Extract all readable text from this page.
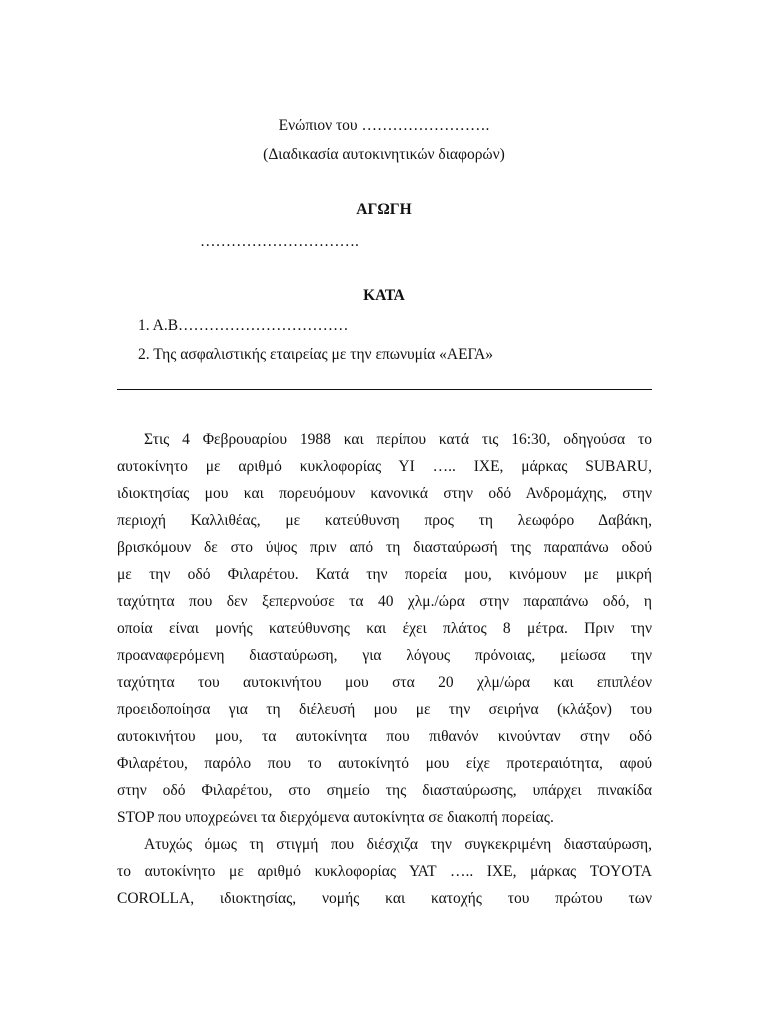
Ενώπιον του …………………….
(Διαδικασία αυτοκινητικών διαφορών)
ΑΓΩΓΗ
………………………….
ΚΑΤΑ
1. Α.Β……………………………
2. Της ασφαλιστικής εταιρείας με την επωνυμία «ΑΕΓΑ»
Στις 4 Φεβρουαρίου 1988 και περίπου κατά τις 16:30, οδηγούσα το
αυτοκίνητο με αριθμό κυκλοφορίας ΥΙ ….. ΙΧΕ, μάρκας SUBARU,
ιδιοκτησίας μου και πορευόμουν κανονικά στην οδό Ανδρομάχης, στην
περιοχή Καλλιθέας, με κατεύθυνση προς τη λεωφόρο Δαβάκη,
βρισκόμουν δε στο ύψος πριν από τη διασταύρωσή της παραπάνω οδού
με την οδό Φιλαρέτου. Κατά την πορεία μου, κινόμουν με μικρή
ταχύτητα που δεν ξεπερνούσε τα 40 χλμ./ώρα στην παραπάνω οδό, η
οποία είναι μονής κατεύθυνσης και έχει πλάτος 8 μέτρα. Πριν την
προαναφερόμενη διασταύρωση, για λόγους πρόνοιας, μείωσα την
ταχύτητα του αυτοκινήτου μου στα 20 χλμ/ώρα και επιπλέον
προειδοποίησα για τη διέλευσή μου με την σειρήνα (κλάξον) του
αυτοκινήτου μου, τα αυτοκίνητα που πιθανόν κινούνταν στην οδό
Φιλαρέτου, παρόλο που το αυτοκίνητό μου είχε προτεραιότητα, αφού
στην οδό Φιλαρέτου, στο σημείο της διασταύρωσης, υπάρχει πινακίδα
STOP που υποχρεώνει τα διερχόμενα αυτοκίνητα σε διακοπή πορείας.
Ατυχώς όμως τη στιγμή που διέσχιζα την συγκεκριμένη διασταύρωση,
το αυτοκίνητο με αριθμό κυκλοφορίας ΥΑΤ ….. ΙΧΕ, μάρκας TOYOTA
COROLLA, ιδιοκτησίας, νομής και κατοχής του πρώτου των
